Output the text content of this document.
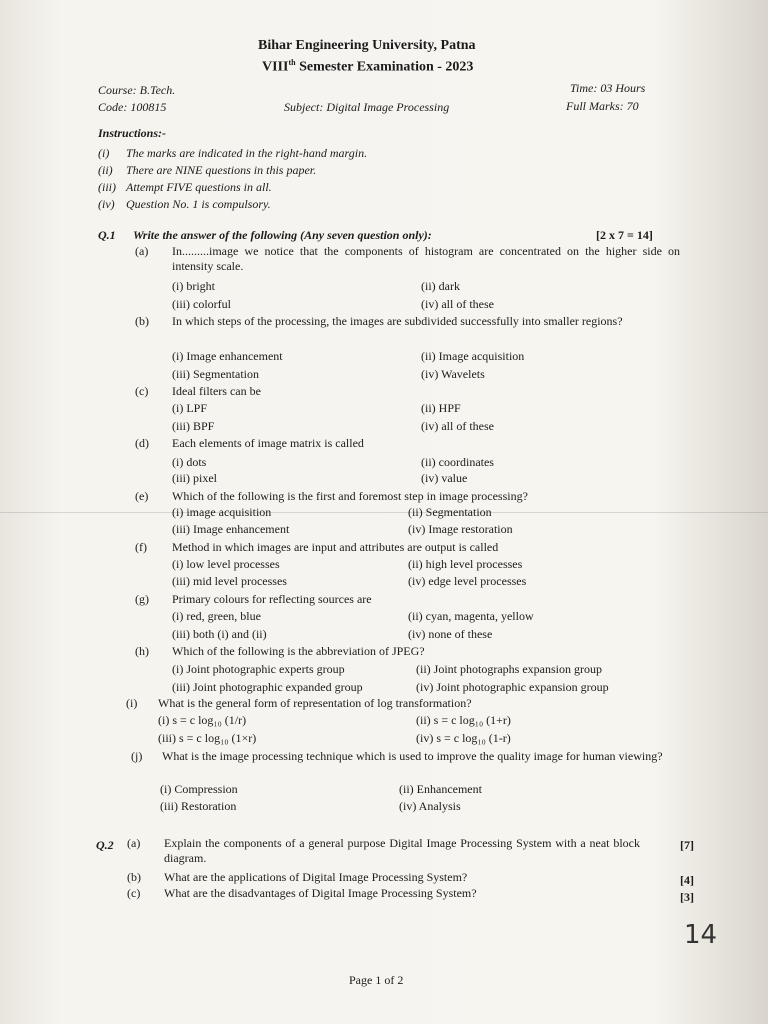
Bihar Engineering University, Patna
VIIIth Semester Examination - 2023
Course: B.Tech.
Code: 100815	Subject: Digital Image Processing
Time: 03 Hours
Full Marks: 70
Instructions:-
(i) The marks are indicated in the right-hand margin.
(ii) There are NINE questions in this paper.
(iii) Attempt FIVE questions in all.
(iv) Question No. 1 is compulsory.
Q.1 Write the answer of the following (Any seven question only):	[2 x 7 = 14]
(a) In.........image we notice that the components of histogram are concentrated on the higher side on intensity scale.
(i) bright	(ii) dark
(iii) colorful	(iv) all of these
(b) In which steps of the processing, the images are subdivided successfully into smaller regions?
(i) Image enhancement	(ii) Image acquisition
(iii) Segmentation	(iv) Wavelets
(c) Ideal filters can be
(i) LPF	(ii) HPF
(iii) BPF	(iv) all of these
(d) Each elements of image matrix is called
(i) dots	(ii) coordinates
(iii) pixel	(iv) value
(e) Which of the following is the first and foremost step in image processing?
(i) image acquisition	(ii) Segmentation
(iii) Image enhancement	(iv) Image restoration
(f) Method in which images are input and attributes are output is called
(i) low level processes	(ii) high level processes
(iii) mid level processes	(iv) edge level processes
(g) Primary colours for reflecting sources are
(i) red, green, blue	(ii) cyan, magenta, yellow
(iii) both (i) and (ii)	(iv) none of these
(h) Which of the following is the abbreviation of JPEG?
(i) Joint photographic experts group	(ii) Joint photographs expansion group
(iii) Joint photographic expanded group	(iv) Joint photographic expansion group
(i) What is the general form of representation of log transformation?
(i) s = c log₁₀ (1/r)	(ii) s = c log₁₀ (1+r)
(iii) s = c log₁₀ (1×r)	(iv) s = c log₁₀ (1-r)
(j) What is the image processing technique which is used to improve the quality image for human viewing?
(i) Compression	(ii) Enhancement
(iii) Restoration	(iv) Analysis
Q.2 (a) Explain the components of a general purpose Digital Image Processing System with a neat block diagram.
[7]
(b) What are the applications of Digital Image Processing System?	[4]
(c) What are the disadvantages of Digital Image Processing System?	[3]
14
Page 1 of 2
